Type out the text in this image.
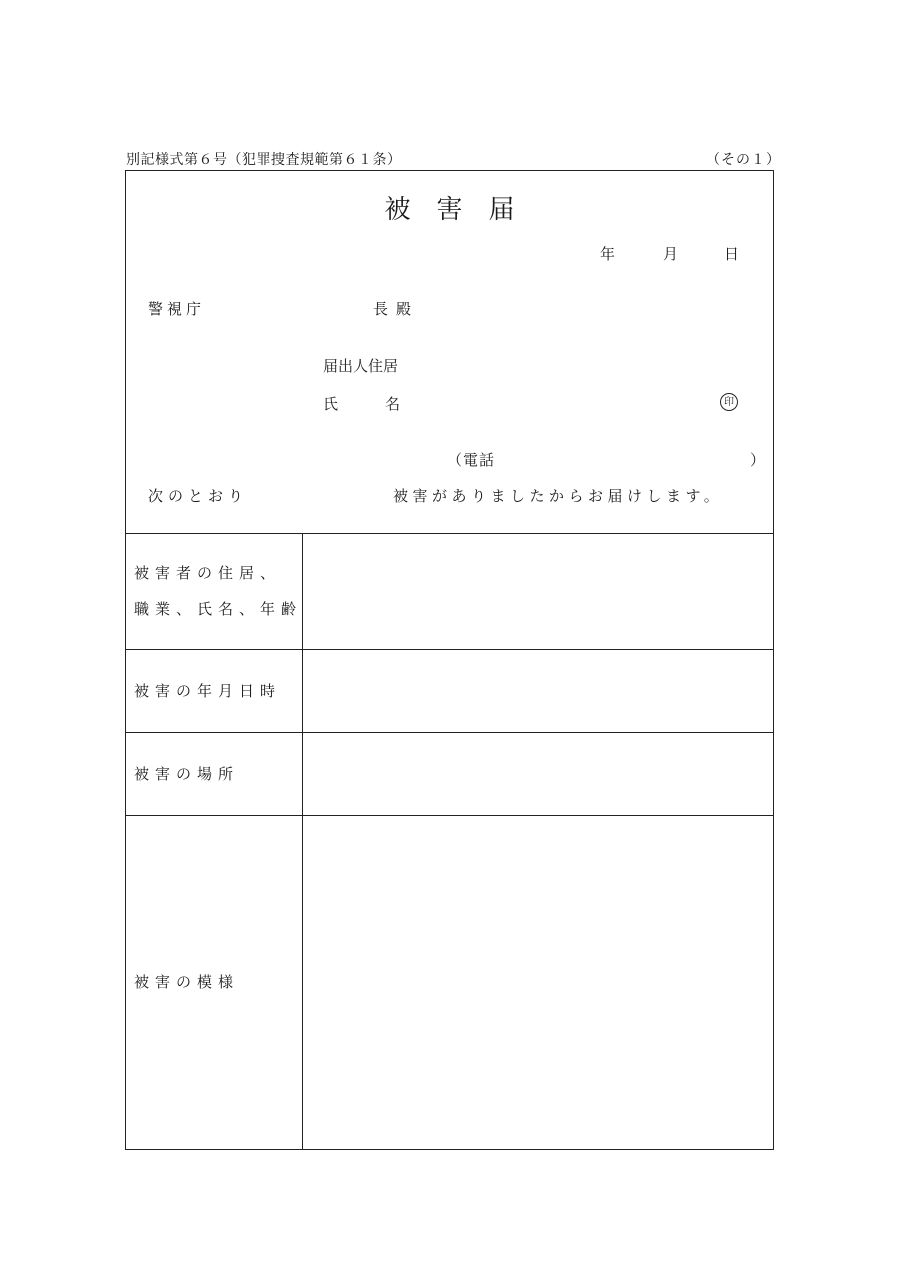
別記様式第６号（犯罪捜査規範第６１条）	（その１）
被害届
年	月	日
警視庁	長殿
届出人住居
氏	名	印
（電話	）
次のとおり	被害がありましたからお届けします。
被害者の住居、
職業、氏名、年齢	

被害の年月日時	

被害の場所	

被害の模様	
